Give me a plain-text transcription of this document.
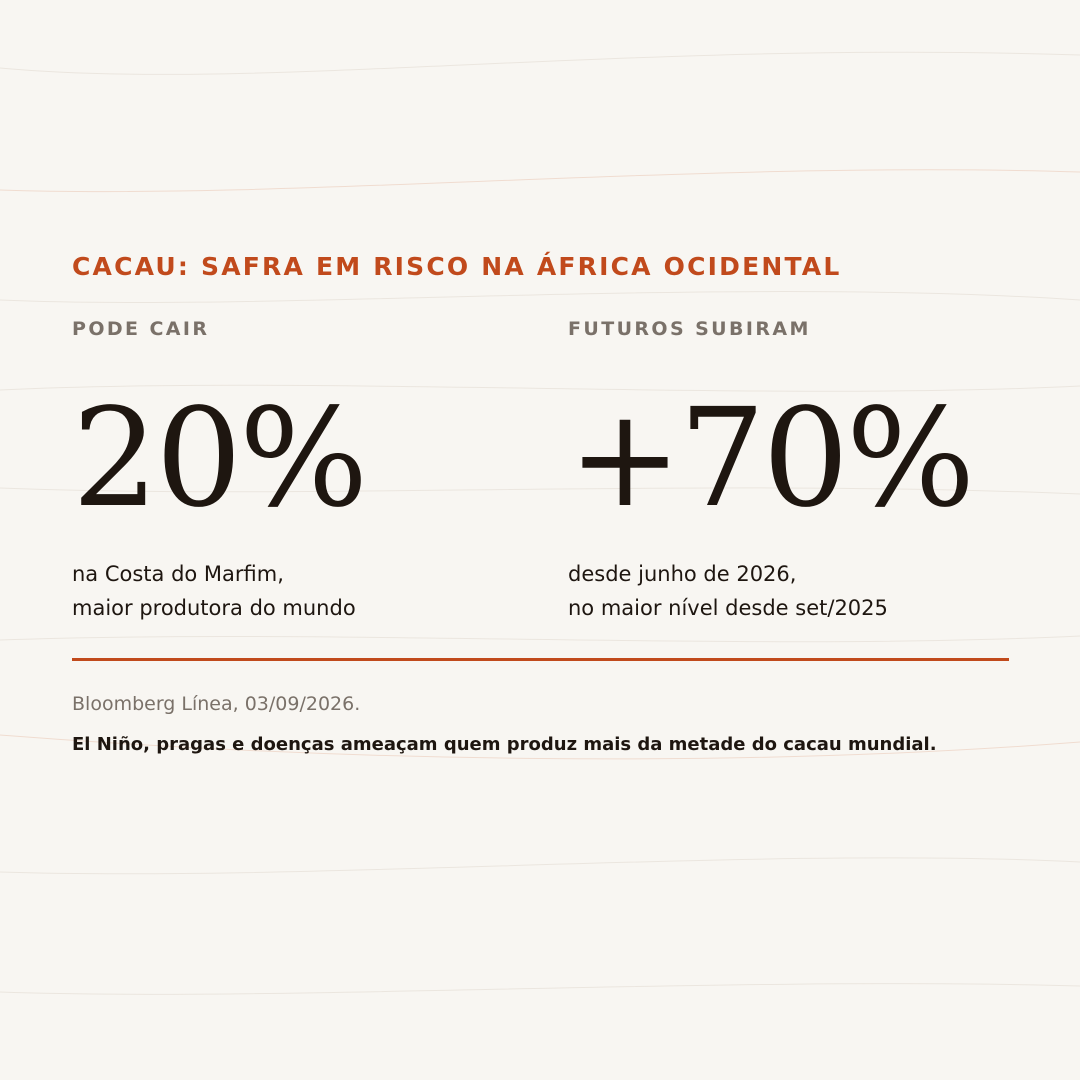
CACAU: SAFRA EM RISCO NA ÁFRICA OCIDENTAL

PODE CAIR

20%

na Costa do Marfim,
maior produtora do mundo

FUTUROS SUBIRAM

+70%

desde junho de 2026,
no maior nível desde set/2025

Bloomberg Línea, 03/09/2026.

El Niño, pragas e doenças ameaçam quem produz mais da metade do cacau mundial.
